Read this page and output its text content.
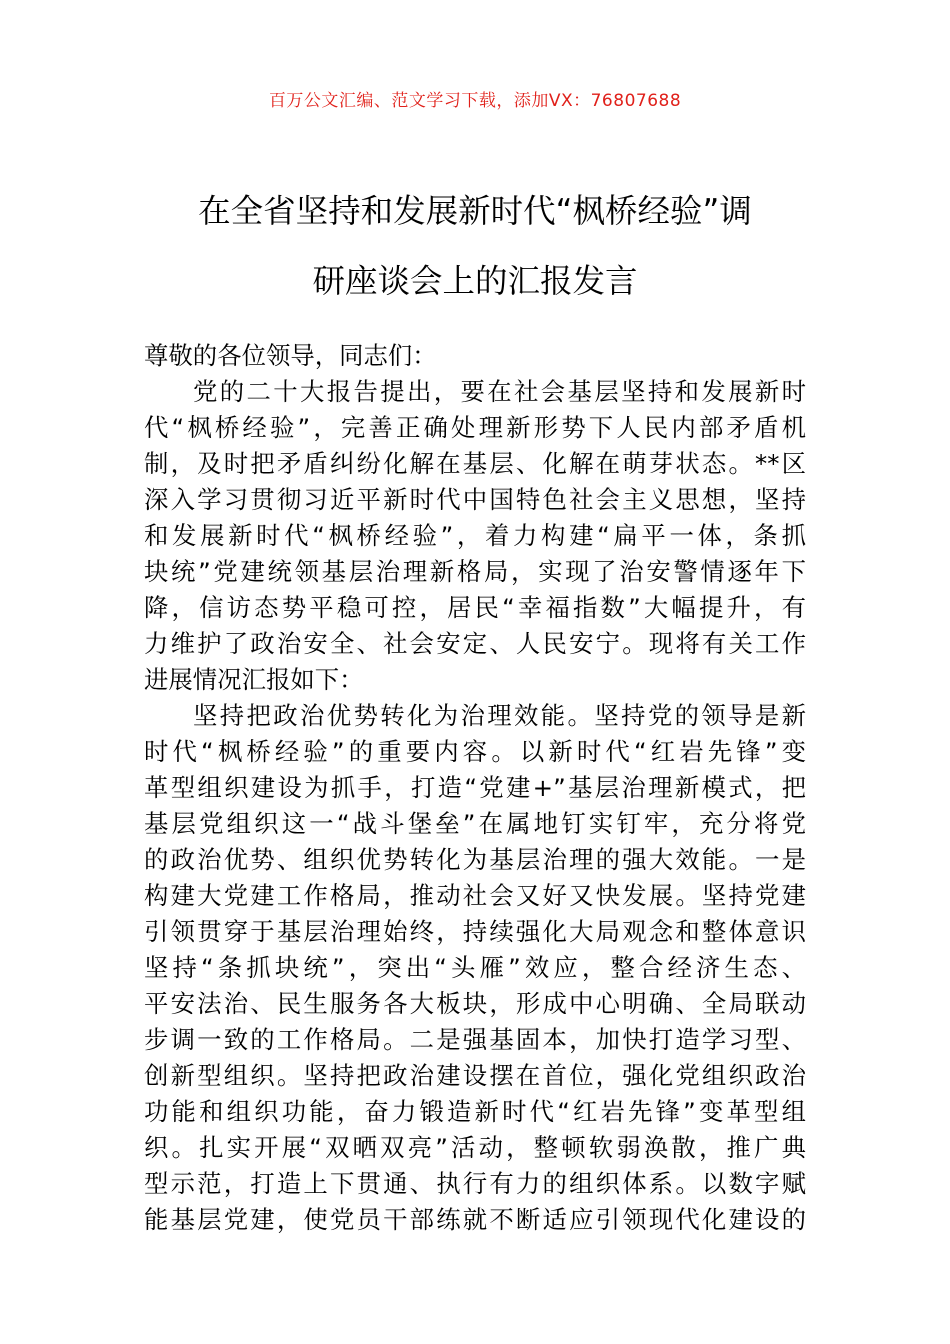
百万公文汇编、范文学习下载，添加VX：76807688
在全省坚持和发展新时代“枫桥经验”调
研座谈会上的汇报发言
尊敬的各位领导，同志们：
党的二十大报告提出，要在社会基层坚持和发展新时
代“枫桥经验”，完善正确处理新形势下人民内部矛盾机
制，及时把矛盾纠纷化解在基层、化解在萌芽状态。**区
深入学习贯彻习近平新时代中国特色社会主义思想，坚持
和发展新时代“枫桥经验”，着力构建“扁平一体，条抓
块统”党建统领基层治理新格局，实现了治安警情逐年下
降，信访态势平稳可控，居民“幸福指数”大幅提升，有
力维护了政治安全、社会安定、人民安宁。现将有关工作
进展情况汇报如下：
坚持把政治优势转化为治理效能。坚持党的领导是新
时代“枫桥经验”的重要内容。以新时代“红岩先锋”变
革型组织建设为抓手，打造“党建+”基层治理新模式，把
基层党组织这一“战斗堡垒”在属地钉实钉牢，充分将党
的政治优势、组织优势转化为基层治理的强大效能。一是
构建大党建工作格局，推动社会又好又快发展。坚持党建
引领贯穿于基层治理始终，持续强化大局观念和整体意识
坚持“条抓块统”，突出“头雁”效应，整合经济生态、
平安法治、民生服务各大板块，形成中心明确、全局联动
步调一致的工作格局。二是强基固本，加快打造学习型、
创新型组织。坚持把政治建设摆在首位，强化党组织政治
功能和组织功能，奋力锻造新时代“红岩先锋”变革型组
织。扎实开展“双晒双亮”活动，整顿软弱涣散，推广典
型示范，打造上下贯通、执行有力的组织体系。以数字赋
能基层党建，使党员干部练就不断适应引领现代化建设的
